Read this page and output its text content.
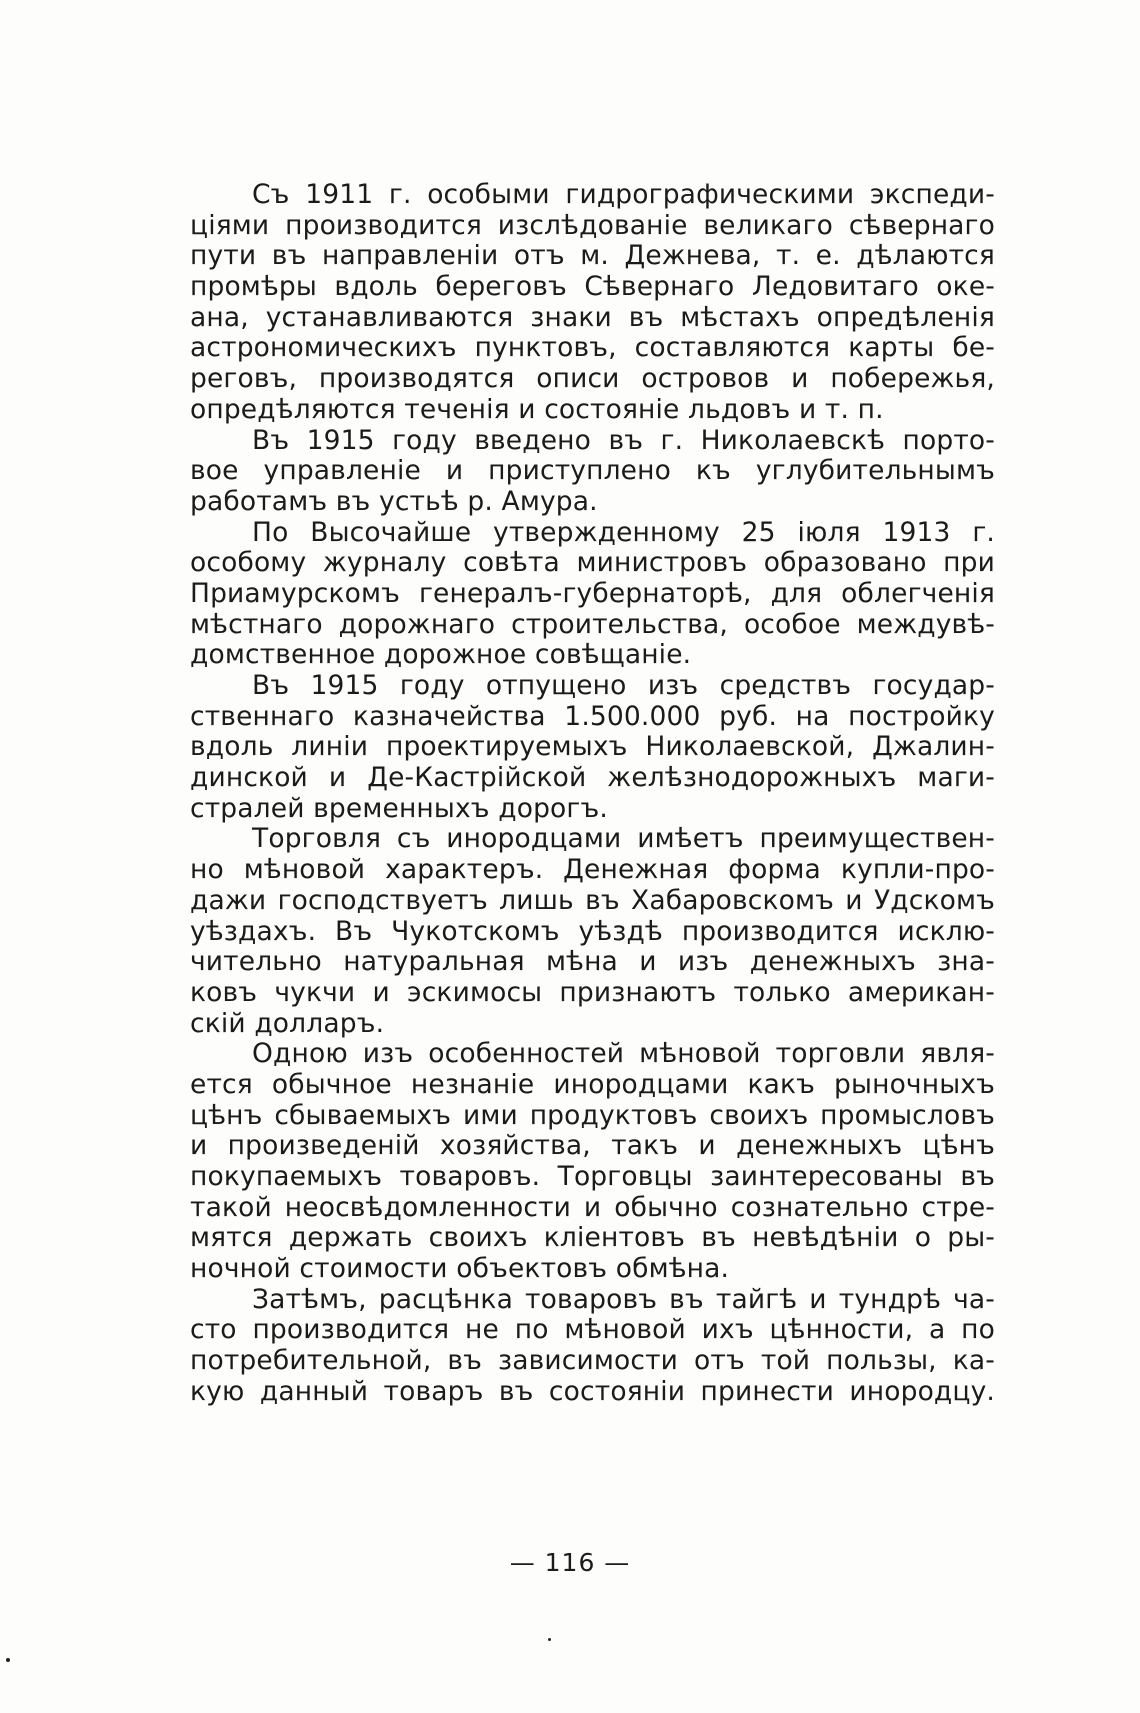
Съ 1911 г. особыми гидрографическими экспеди-
ціями производится изслѣдованіе великаго сѣвернаго
пути въ направленіи отъ м. Дежнева, т. е. дѣлаются
промѣры вдоль береговъ Сѣвернаго Ледовитаго оке-
ана, устанавливаются знаки въ мѣстахъ опредѣленія
астрономическихъ пунктовъ, составляются карты бе-
реговъ, производятся описи островов и побережья,
опредѣляются теченія и состояніе льдовъ и т. п.
Въ 1915 году введено въ г. Николаевскѣ порто-
вое управленіе и приступлено къ углубительнымъ
работамъ въ устьѣ р. Амура.
По Высочайше утвержденному 25 іюля 1913 г.
особому журналу совѣта министровъ образовано при
Приамурскомъ генералъ-губернаторѣ, для облегченія
мѣстнаго дорожнаго строительства, особое междувѣ-
домственное дорожное совѣщаніе.
Въ 1915 году отпущено изъ средствъ государ-
ственнаго казначейства 1.500.000 руб. на постройку
вдоль линіи проектируемыхъ Николаевской, Джалин-
динской и Де-Кастрійской желѣзнодорожныхъ маги-
стралей временныхъ дорогъ.
Торговля съ инородцами имѣетъ преимуществен-
но мѣновой характеръ. Денежная форма купли-про-
дажи господствуетъ лишь въ Хабаровскомъ и Удскомъ
уѣздахъ. Въ Чукотскомъ уѣздѣ производится исклю-
чительно натуральная мѣна и изъ денежныхъ зна-
ковъ чукчи и эскимосы признаютъ только американ-
скій долларъ.
Одною изъ особенностей мѣновой торговли явля-
ется обычное незнаніе инородцами какъ рыночныхъ
цѣнъ сбываемыхъ ими продуктовъ своихъ промысловъ
и произведеній хозяйства, такъ и денежныхъ цѣнъ
покупаемыхъ товаровъ. Торговцы заинтересованы въ
такой неосвѣдомленности и обычно сознательно стре-
мятся держать своихъ кліентовъ въ невѣдѣніи о ры-
ночной стоимости объектовъ обмѣна.
Затѣмъ, расцѣнка товаровъ въ тайгѣ и тундрѣ ча-
сто производится не по мѣновой ихъ цѣнности, а по
потребительной, въ зависимости отъ той пользы, ка-
кую данный товаръ въ состояніи принести инородцу.
— 116 —
